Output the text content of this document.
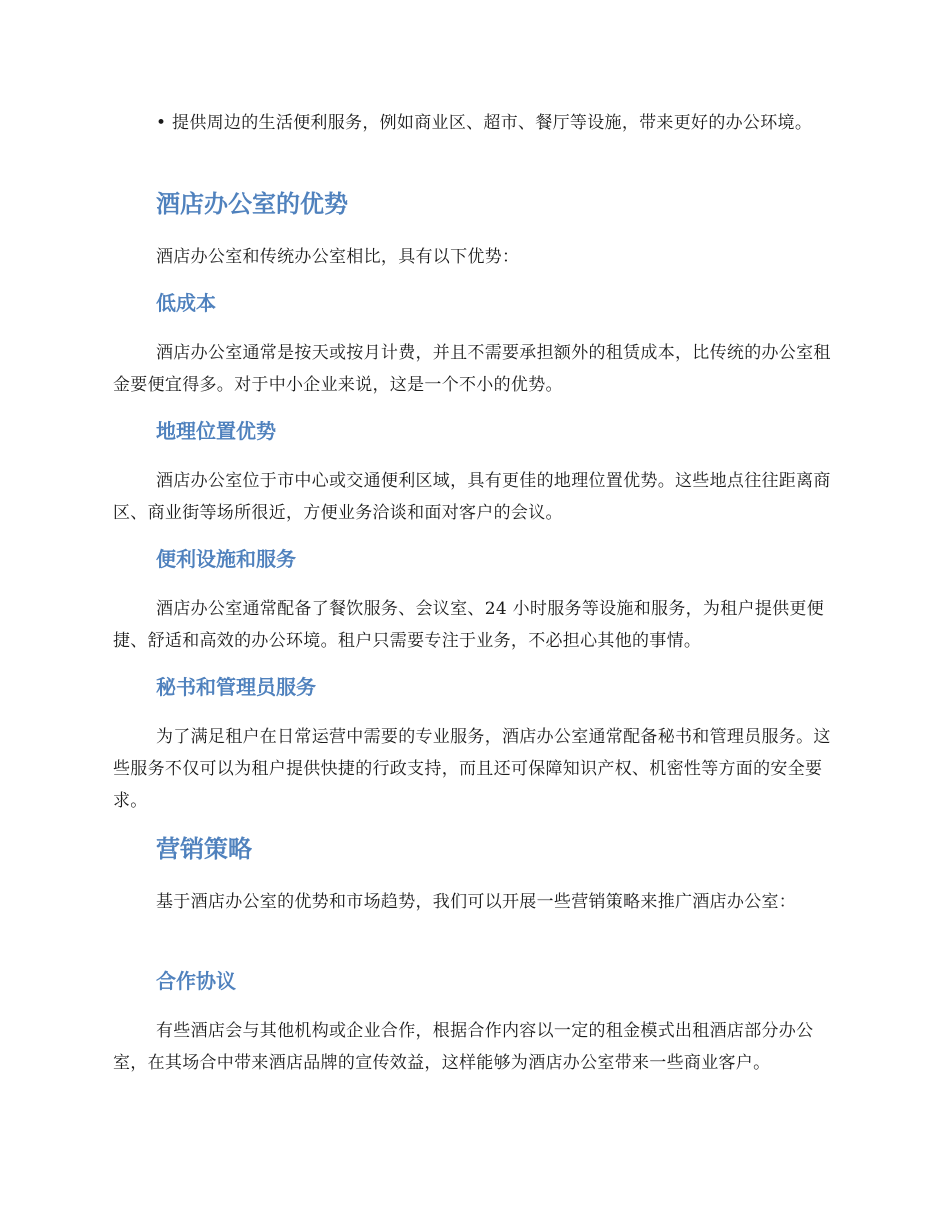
• 提供周边的生活便利服务，例如商业区、超市、餐厅等设施，带来更好的办公环境。

酒店办公室的优势

酒店办公室和传统办公室相比，具有以下优势：

低成本

酒店办公室通常是按天或按月计费，并且不需要承担额外的租赁成本，比传统的办公室租金要便宜得多。对于中小企业来说，这是一个不小的优势。

地理位置优势

酒店办公室位于市中心或交通便利区域，具有更佳的地理位置优势。这些地点往往距离商区、商业街等场所很近，方便业务洽谈和面对客户的会议。

便利设施和服务

酒店办公室通常配备了餐饮服务、会议室、24 小时服务等设施和服务，为租户提供更便捷、舒适和高效的办公环境。租户只需要专注于业务，不必担心其他的事情。

秘书和管理员服务

为了满足租户在日常运营中需要的专业服务，酒店办公室通常配备秘书和管理员服务。这些服务不仅可以为租户提供快捷的行政支持，而且还可保障知识产权、机密性等方面的安全要求。

营销策略

基于酒店办公室的优势和市场趋势，我们可以开展一些营销策略来推广酒店办公室：

合作协议

有些酒店会与其他机构或企业合作，根据合作内容以一定的租金模式出租酒店部分办公室，在其场合中带来酒店品牌的宣传效益，这样能够为酒店办公室带来一些商业客户。
